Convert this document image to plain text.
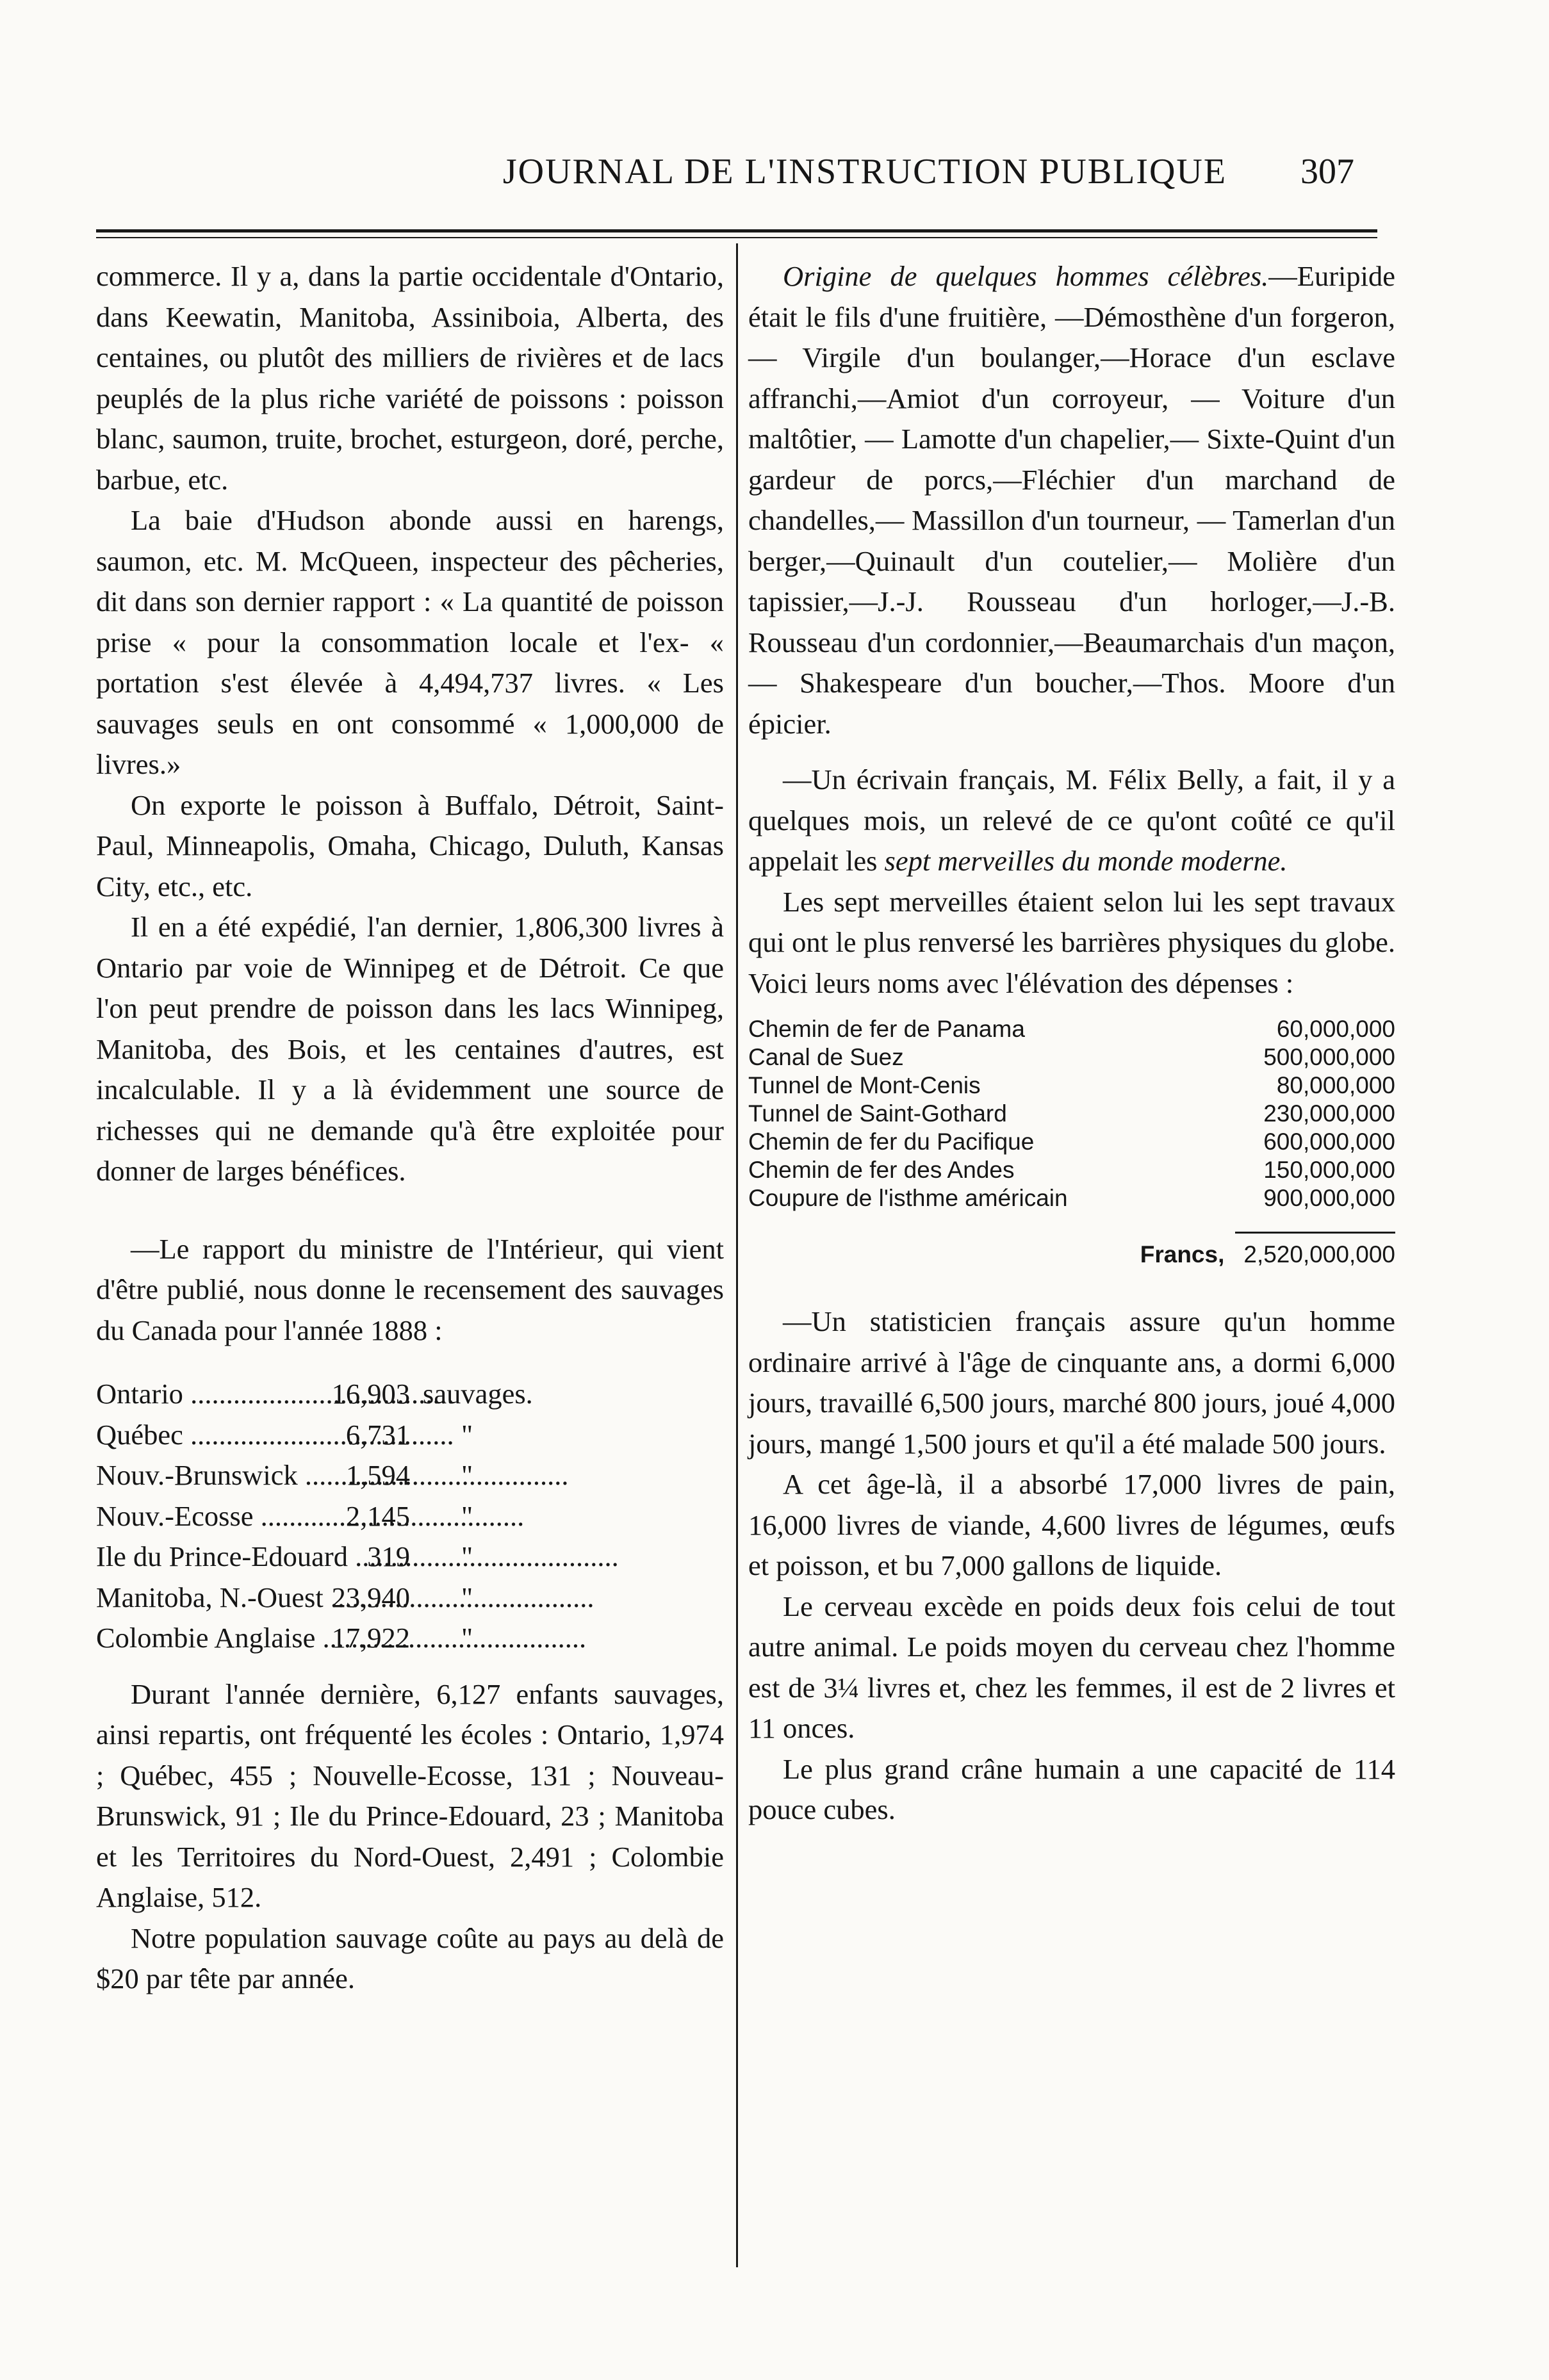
JOURNAL DE L'INSTRUCTION PUBLIQUE	307

commerce. Il y a, dans la partie occidentale d'Ontario, dans Keewatin, Manitoba, Assiniboia, Alberta, des centaines, ou plutôt des milliers de rivières et de lacs peuplés de la plus riche variété de poissons : poisson blanc, saumon, truite, brochet, esturgeon, doré, perche, barbue, etc.

La baie d'Hudson abonde aussi en harengs, saumon, etc. M. McQueen, inspecteur des pêcheries, dit dans son dernier rapport : « La quantité de poisson prise « pour la consommation locale et l'ex- « portation s'est élevée à 4,494,737 livres. « Les sauvages seuls en ont consommé « 1,000,000 de livres.»

On exporte le poisson à Buffalo, Détroit, Saint-Paul, Minneapolis, Omaha, Chicago, Duluth, Kansas City, etc., etc.

Il en a été expédié, l'an dernier, 1,806,300 livres à Ontario par voie de Winnipeg et de Détroit. Ce que l'on peut prendre de poisson dans les lacs Winnipeg, Manitoba, des Bois, et les centaines d'autres, est incalculable. Il y a là évidemment une source de richesses qui ne demande qu'à être exploitée pour donner de larges bénéfices.

—Le rapport du ministre de l'Intérieur, qui vient d'être publié, nous donne le recensement des sauvages du Canada pour l'année 1888 :

Ontario .....	16,903 sauvages.
Québec .....	6,731	"
Nouv.-Brunswick .....	1,594	"
Nouv.-Ecosse .....	2,145	"
Ile du Prince-Edouard ..... 319	"
Manitoba, N.-Ouest ..... 23,940	"
Colombie Anglaise ..... 17,922	"

Durant l'année dernière, 6,127 enfants sauvages, ainsi repartis, ont fréquenté les écoles : Ontario, 1,974 ; Québec, 455 ; Nouvelle-Ecosse, 131 ; Nouveau-Brunswick, 91 ; Ile du Prince-Edouard, 23 ; Manitoba et les Territoires du Nord-Ouest, 2,491 ; Colombie Anglaise, 512.

Notre population sauvage coûte au pays au delà de $20 par tête par année.

Origine de quelques hommes célèbres.—Euripide était le fils d'une fruitière, —Démosthène d'un forgeron,— Virgile d'un boulanger,—Horace d'un esclave affranchi,—Amiot d'un corroyeur, — Voiture d'un maltôtier, — Lamotte d'un chapelier,— Sixte-Quint d'un gardeur de porcs,—Fléchier d'un marchand de chandelles,— Massillon d'un tourneur, — Tamerlan d'un berger,—Quinault d'un coutelier,— Molière d'un tapissier,—J.-J. Rousseau d'un horloger,—J.-B. Rousseau d'un cordonnier,—Beaumarchais d'un maçon,— Shakespeare d'un boucher,—Thos. Moore d'un épicier.

—Un écrivain français, M. Félix Belly, a fait, il y a quelques mois, un relevé de ce qu'ont coûté ce qu'il appelait les sept merveilles du monde moderne.

Les sept merveilles étaient selon lui les sept travaux qui ont le plus renversé les barrières physiques du globe. Voici leurs noms avec l'élévation des dépenses :

Chemin de fer de Panama	60,000,000
Canal de Suez	500,000,000
Tunnel de Mont-Cenis	80,000,000
Tunnel de Saint-Gothard	230,000,000
Chemin de fer du Pacifique	600,000,000
Chemin de fer des Andes	150,000,000
Coupure de l'isthme américain	900,000,000
Francs, 2,520,000,000

—Un statisticien français assure qu'un homme ordinaire arrivé à l'âge de cinquante ans, a dormi 6,000 jours, travaillé 6,500 jours, marché 800 jours, joué 4,000 jours, mangé 1,500 jours et qu'il a été malade 500 jours.

A cet âge-là, il a absorbé 17,000 livres de pain, 16,000 livres de viande, 4,600 livres de légumes, œufs et poisson, et bu 7,000 gallons de liquide.

Le cerveau excède en poids deux fois celui de tout autre animal. Le poids moyen du cerveau chez l'homme est de 3¼ livres et, chez les femmes, il est de 2 livres et 11 onces.

Le plus grand crâne humain a une capacité de 114 pouce cubes.
